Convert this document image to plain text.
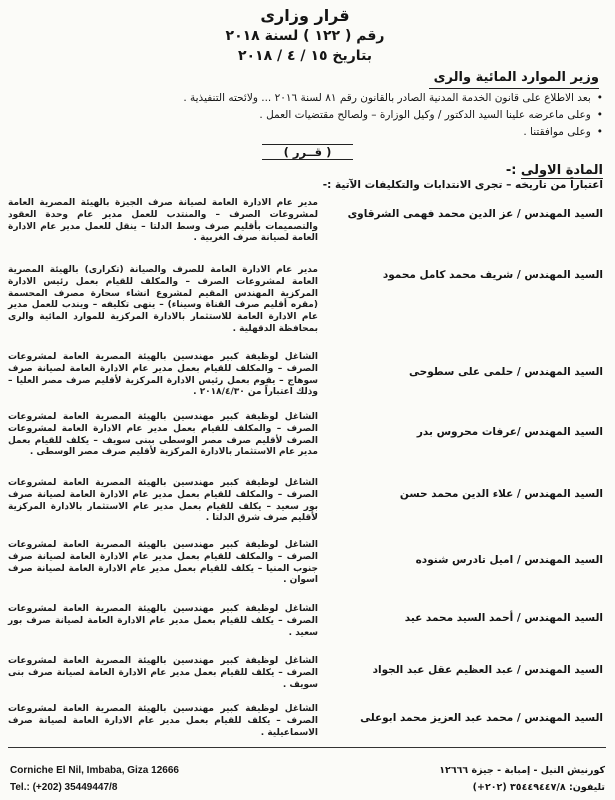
قرار وزارى
رقم ( ١٢٢ ) لسنة ٢٠١٨
بتاريخ ١٥ / ٤ / ٢٠١٨
وزير الموارد المائية والرى
• بعد الاطلاع على قانون الخدمة المدنية الصادر بالقانون رقم ٨١ لسنة ٢٠١٦ ... ولائحته التنفيذية .
• وعلى ماعرضه علينا السيد الدكتور / وكيل الوزارة – ولصالح مقتضيات العمل .
• وعلى موافقتنا .
( قــرر )
المادة الاولى :-
اعتباراً من تاريخه – تجرى الانتدابات والتكليفات الآتية :-
السيد المهندس / عز الدين محمد فهمى الشرقاوى
مدير عام الادارة العامة لصيانة صرف الجيزة بالهيئة المصرية العامة لمشروعات الصرف – والمنتدب للعمل مدير عام وحدة العقود والتصميمات بأقليم صرف وسط الدلتا – ينقل للعمل مدير عام الادارة العامة لصيانة صرف الغربية .
السيد المهندس / شريف محمد كامل محمود
مدير عام الادارة العامة للصرف والصيانة (تكرارى) بالهيئة المصرية العامة لمشروعات الصرف – والمكلف للقيام بعمل رئيس الادارة المركزية المهندس المقيم لمشروع انشاء سحارة مصرف المحسمة (مقره أقليم صرف القناة وسيناء) – ينهى تكليفه – ويندب للعمل مدير عام الادارة العامة للاستثمار بالادارة المركزية للموارد المائية والرى بمحافظة الدقهلية .
السيد المهندس / حلمى على سطوحى
الشاغل لوظيفة كبير مهندسين بالهيئة المصرية العامة لمشروعات الصرف – والمكلف للقيام بعمل مدير عام الادارة العامة لصيانة صرف سوهاج – يقوم بعمل رئيس الادارة المركزية لأقليم صرف مصر العليا – وذلك اعتباراً من ٢٠١٨/٤/٣٠ .
السيد المهندس /عرفات محروس بدر
الشاغل لوظيفة كبير مهندسين بالهيئة المصرية العامة لمشروعات الصرف – والمكلف للقيام بعمل مدير عام الادارة العامة لمشروعات الصرف لأقليم صرف مصر الوسطى ببنى سويف – يكلف للقيام بعمل مدير عام الاستثمار بالادارة المركزية لأقليم صرف مصر الوسطى .
السيد المهندس / علاء الدين محمد حسن
الشاغل لوظيفة كبير مهندسين بالهيئة المصرية العامة لمشروعات الصرف – والمكلف للقيام بعمل مدير عام الادارة العامة لصيانة صرف بور سعيد – يكلف للقيام بعمل مدير عام الاستثمار بالادارة المركزية لأقليم صرف شرق الدلتا .
السيد المهندس / اميل تادرس شنوده
الشاغل لوظيفة كبير مهندسين بالهيئة المصرية العامة لمشروعات الصرف – والمكلف للقيام بعمل مدير عام الادارة العامة لصيانة صرف جنوب المنيا – يكلف للقيام بعمل مدير عام الادارة العامة لصيانة صرف اسوان .
السيد المهندس / أحمد السيد محمد عيد
الشاغل لوظيفة كبير مهندسين بالهيئة المصرية العامة لمشروعات الصرف – يكلف للقيام بعمل مدير عام الادارة العامة لصيانة صرف بور سعيد .
السيد المهندس / عبد العظيم عقل عبد الجواد
الشاغل لوظيفة كبير مهندسين بالهيئة المصرية العامة لمشروعات الصرف – يكلف للقيام بعمل مدير عام الادارة العامة لصيانة صرف بنى سويف .
السيد المهندس / محمد عبد العزيز محمد ابوعلى
الشاغل لوظيفة كبير مهندسين بالهيئة المصرية العامة لمشروعات الصرف – يكلف للقيام بعمل مدير عام الادارة العامة لصيانة صرف الاسماعيلية .
Corniche El Nil, Imbaba, Giza 12666
Tel.: (+202) 35449447/8
كورنيش النيل - إمبابة - جيزة ١٢٦٦٦
تليفون: ٣٥٤٤٩٤٤٧/٨ (٢٠٢+)
